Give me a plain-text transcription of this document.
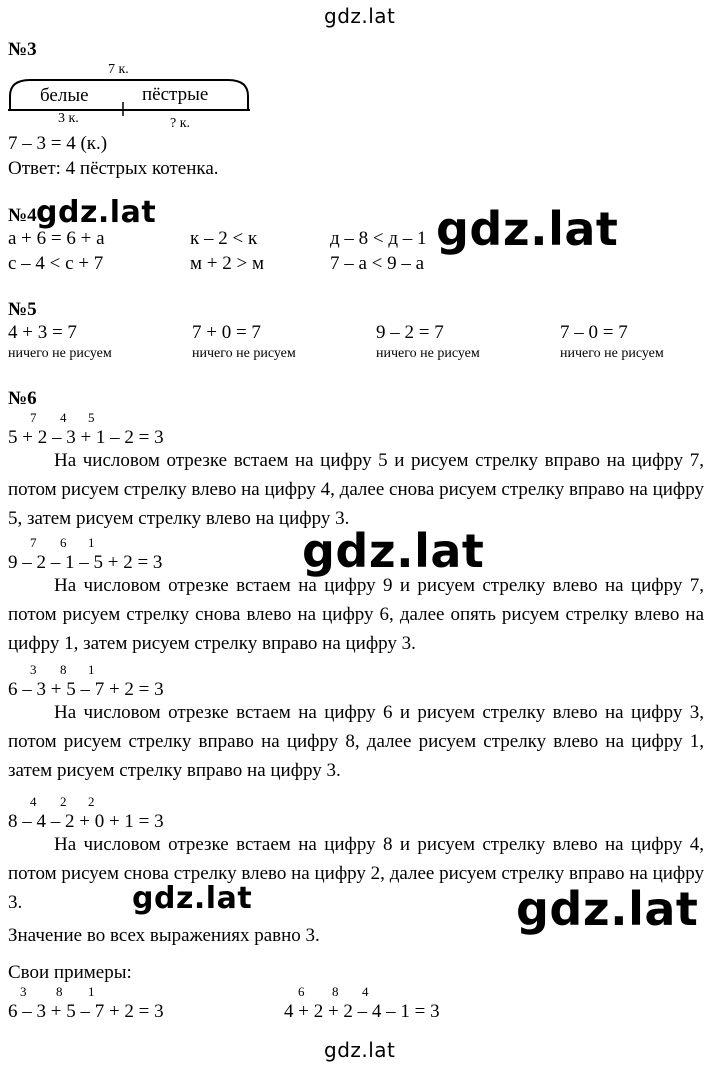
gdz.lat
gdz.lat	gdz.lat
gdz.lat
gdz.lat	gdz.lat
gdz.lat
№3
7 к.
белые	пёстрые
3 к.	? к.
7 – 3 = 4 (к.)
Ответ: 4 пёстрых котенка.
№4
а + 6 = 6 + а	к – 2 < к	д – 8 < д – 1
с – 4 < с + 7	м + 2 > м	7 – а < 9 – а
№5
4 + 3 = 7	7 + 0 = 7	9 – 2 = 7	7 – 0 = 7
ничего не рисуем	ничего не рисуем	ничего не рисуем	ничего не рисуем
№6
7 4 5
5 + 2 – 3 + 1 – 2 = 3
На числовом отрезке встаем на цифру 5 и рисуем стрелку вправо на цифру 7, потом рисуем стрелку влево на цифру 4, далее снова рисуем стрелку вправо на цифру 5, затем рисуем стрелку влево на цифру 3.
7 6 1
9 – 2 – 1 – 5 + 2 = 3
На числовом отрезке встаем на цифру 9 и рисуем стрелку влево на цифру 7, потом рисуем стрелку снова влево на цифру 6, далее опять рисуем стрелку влево на цифру 1, затем рисуем стрелку вправо на цифру 3.
3 8 1
6 – 3 + 5 – 7 + 2 = 3
На числовом отрезке встаем на цифру 6 и рисуем стрелку влево на цифру 3, потом рисуем стрелку вправо на цифру 8, далее рисуем стрелку влево на цифру 1, затем рисуем стрелку вправо на цифру 3.
4 2 2
8 – 4 – 2 + 0 + 1 = 3
На числовом отрезке встаем на цифру 8 и рисуем стрелку влево на цифру 4, потом рисуем снова стрелку влево на цифру 2, далее рисуем стрелку вправо на цифру 3.
Значение во всех выражениях равно 3.
Свои примеры:
3 8 1
6 – 3 + 5 – 7 + 2 = 3
6 8 4
4 + 2 + 2 – 4 – 1 = 3
